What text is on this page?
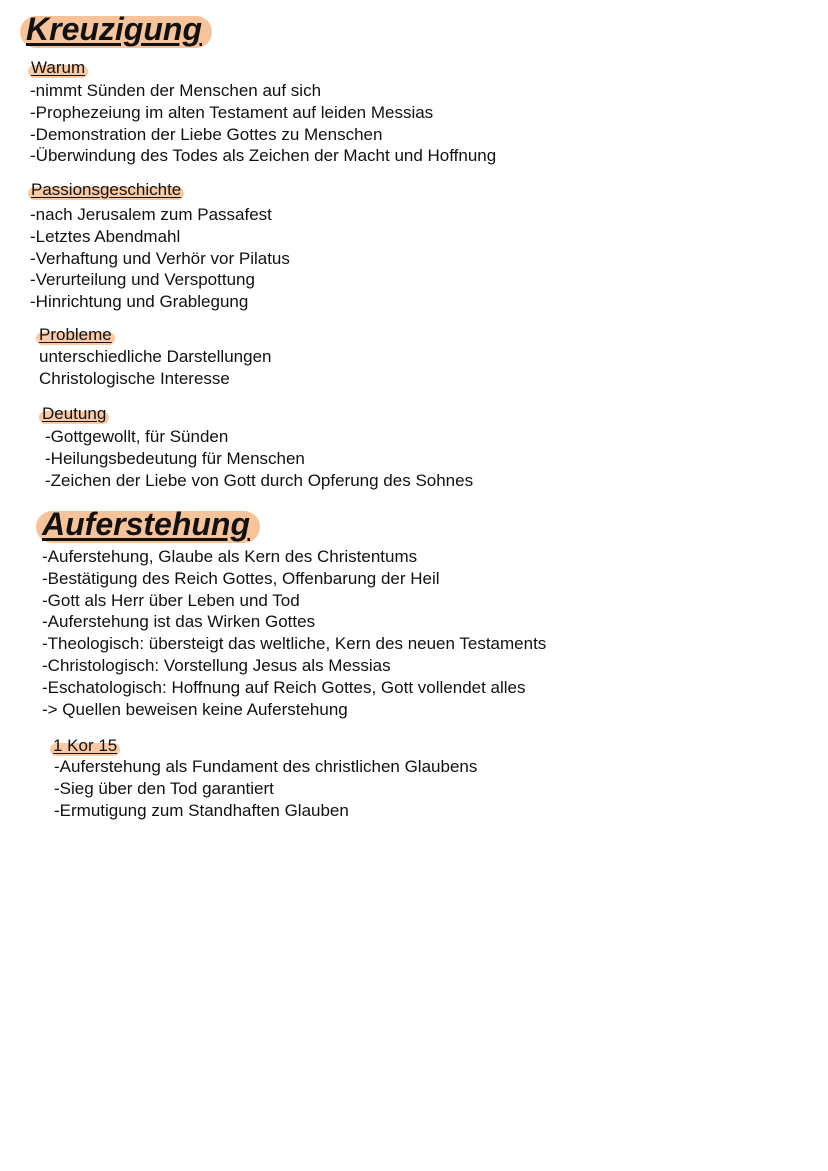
Kreuzigung
Warum
-nimmt Sünden der Menschen auf sich
-Prophezeiung im alten Testament auf leiden Messias
-Demonstration der Liebe Gottes zu Menschen
-Überwindung des Todes als Zeichen der Macht und Hoffnung
Passionsgeschichte
-nach Jerusalem zum Passafest
-Letztes Abendmahl
-Verhaftung und Verhör vor Pilatus
-Verurteilung und Verspottung
-Hinrichtung und Grablegung
Probleme
unterschiedliche Darstellungen
Christologische Interesse
Deutung
-Gottgewollt, für Sünden
-Heilungsbedeutung für Menschen
-Zeichen der Liebe von Gott durch Opferung des Sohnes
Auferstehung
-Auferstehung, Glaube als Kern des Christentums
-Bestätigung des Reich Gottes, Offenbarung der Heil
-Gott als Herr über Leben und Tod
-Auferstehung ist das Wirken Gottes
-Theologisch: übersteigt das weltliche, Kern des neuen Testaments
-Christologisch: Vorstellung Jesus als Messias
-Eschatologisch: Hoffnung auf Reich Gottes, Gott vollendet alles
-> Quellen beweisen keine Auferstehung
1 Kor 15
-Auferstehung als Fundament des christlichen Glaubens
-Sieg über den Tod garantiert
-Ermutigung zum Standhaften Glauben
